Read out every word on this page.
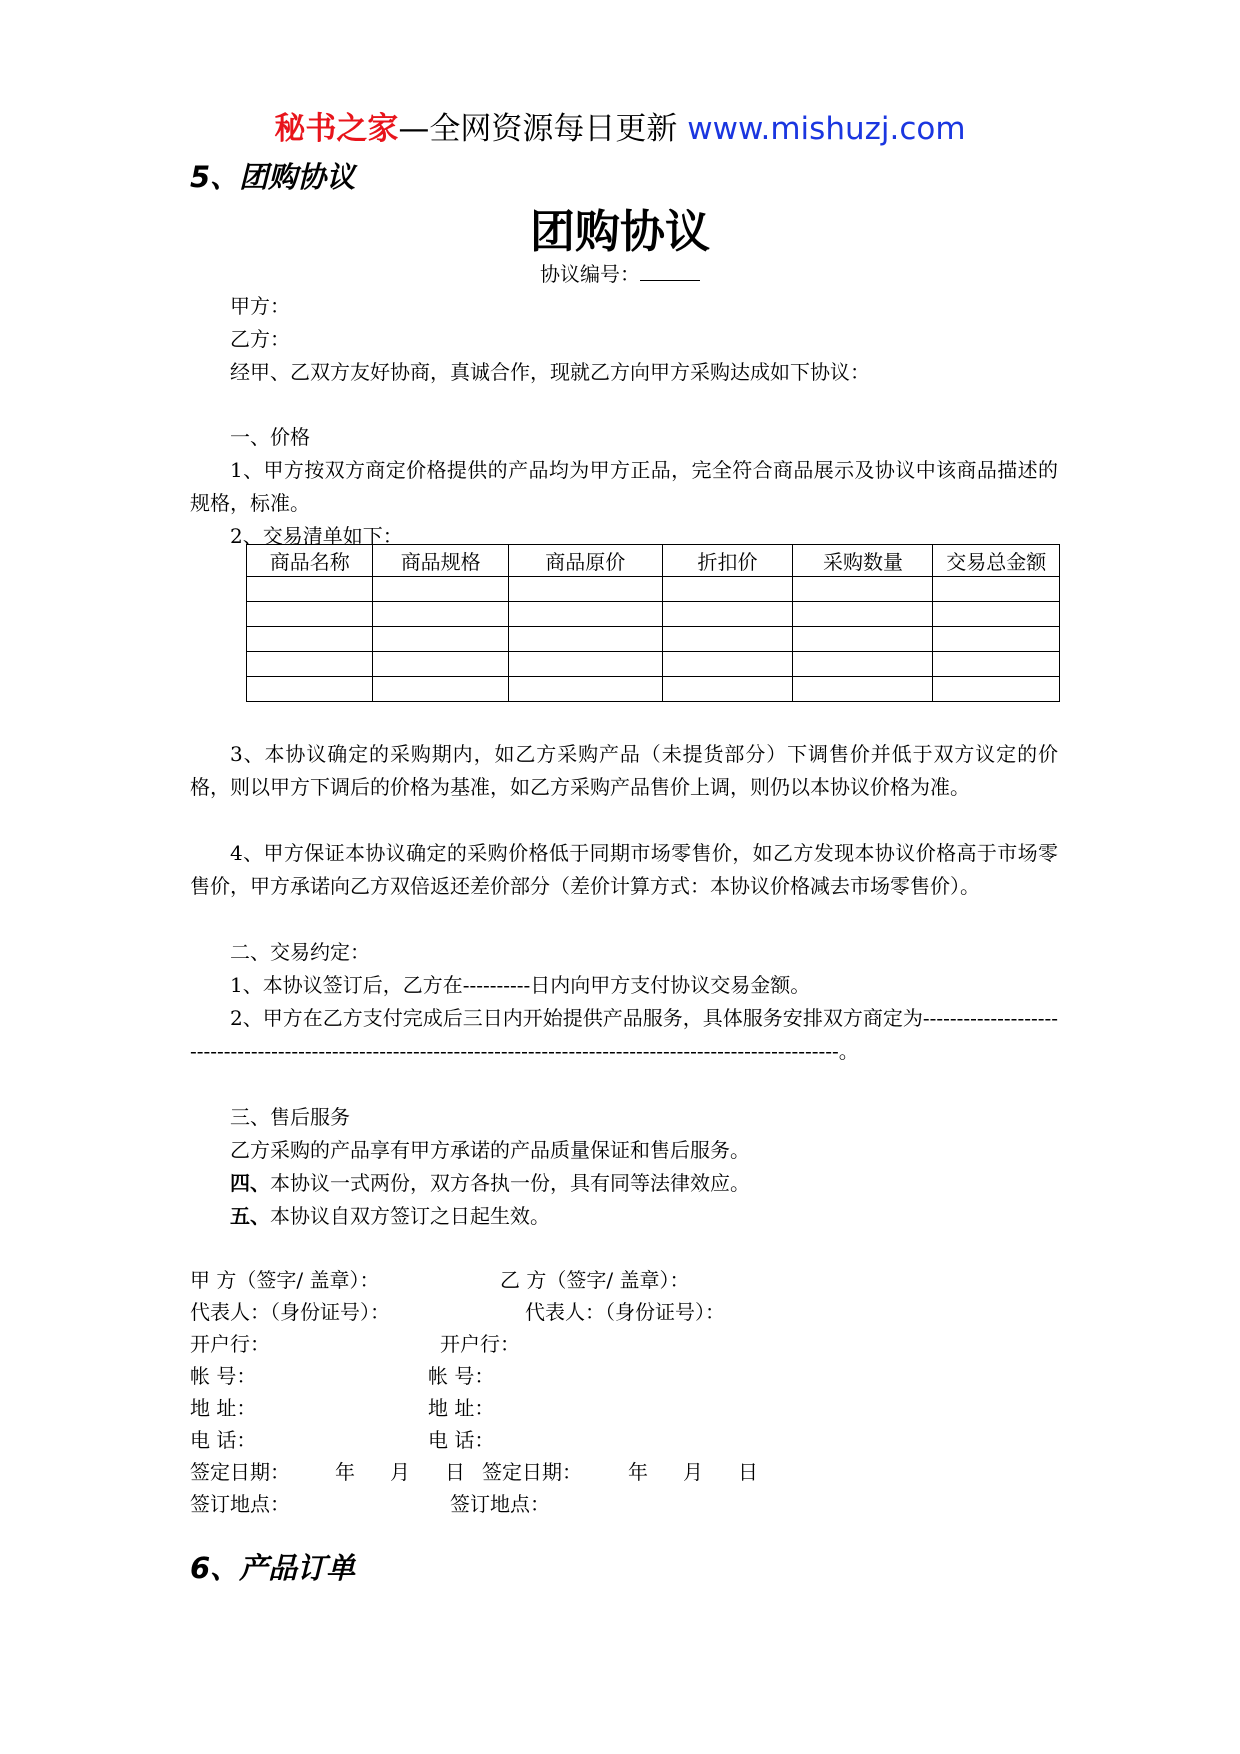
秘书之家—全网资源每日更新 www.mishuzj.com
5、团购协议
团购协议
协议编号：
甲方：
乙方：
经甲、乙双方友好协商，真诚合作，现就乙方向甲方采购达成如下协议：
一、价格

1、甲方按双方商定价格提供的产品均为甲方正品，完全符合商品展示及协议中该商品描述的规格，标准。

2、交易清单如下：
商品名称	商品规格	商品原价	折扣价	采购数量	交易总金额

3、本协议确定的采购期内，如乙方采购产品（未提货部分）下调售价并低于双方议定的价格，则以甲方下调后的价格为基准，如乙方采购产品售价上调，则仍以本协议价格为准。

4、甲方保证本协议确定的采购价格低于同期市场零售价，如乙方发现本协议价格高于市场零售价，甲方承诺向乙方双倍返还差价部分（差价计算方式：本协议价格减去市场零售价）。

二、交易约定：
1、本协议签订后，乙方在----------日内向甲方支付协议交易金额。

2、甲方在乙方支付完成后三日内开始提供产品服务，具体服务安排双方商定为--------------------------------------------------------------------------------------------------------------------。

三、售后服务
乙方采购的产品享有甲方承诺的产品质量保证和售后服务。
四、本协议一式两份，双方各执一份，具有同等法律效应。
五、本协议自双方签订之日起生效。
甲 方（签字/ 盖章）：	乙 方（签字/ 盖章）：
代表人：（身份证号）：	代表人：（身份证号）：
开户行：	开户行：
帐 号：	帐 号：
地 址：	地 址：
电 话：	电 话：
签定日期： 年 月 日 签定日期： 年 月 日
签订地点：	签订地点：
6、产品订单
